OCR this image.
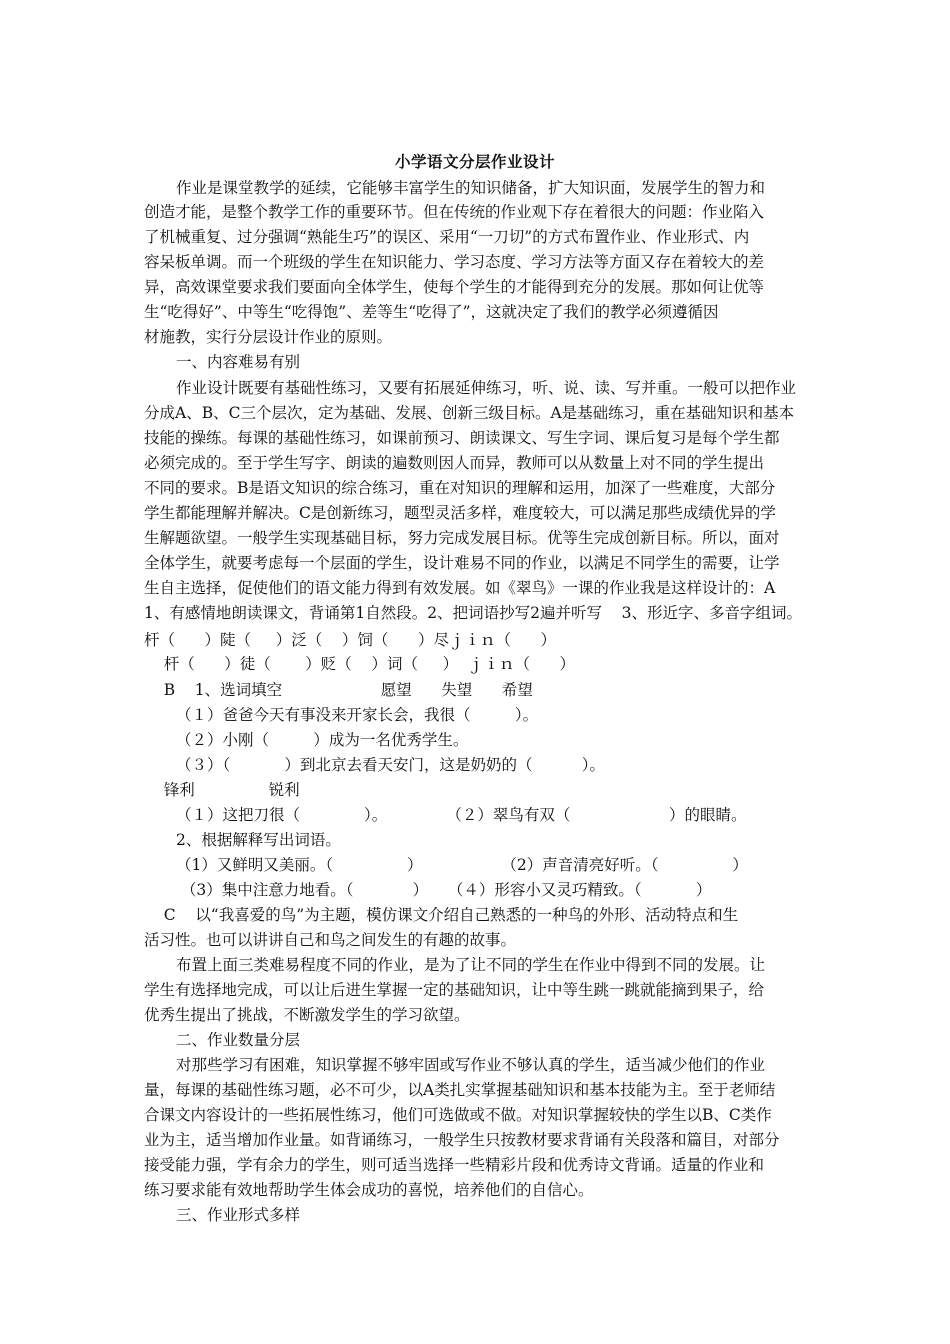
小学语文分层作业设计
作业是课堂教学的延续，它能够丰富学生的知识储备，扩大知识面，发展学生的智力和
创造才能，是整个教学工作的重要环节。但在传统的作业观下存在着很大的问题：作业陷入
了机械重复、过分强调“熟能生巧”的误区、采用“一刀切”的方式布置作业、作业形式、内
容呆板单调。而一个班级的学生在知识能力、学习态度、学习方法等方面又存在着较大的差
异，高效课堂要求我们要面向全体学生，使每个学生的才能得到充分的发展。那如何让优等
生“吃得好”、中等生“吃得饱”、差等生“吃得了”，这就决定了我们的教学必须遵循因
材施教，实行分层设计作业的原则。
一、内容难易有别
作业设计既要有基础性练习，又要有拓展延伸练习，听、说、读、写并重。一般可以把作业
分成A、B、C三个层次，定为基础、发展、创新三级目标。A是基础练习，重在基础知识和基本
技能的操练。每课的基础性练习，如课前预习、朗读课文、写生字词、课后复习是每个学生都
必须完成的。至于学生写字、朗读的遍数则因人而异，教师可以从数量上对不同的学生提出
不同的要求。B是语文知识的综合练习，重在对知识的理解和运用，加深了一些难度，大部分
学生都能理解并解决。C是创新练习，题型灵活多样，难度较大，可以满足那些成绩优异的学
生解题欲望。一般学生实现基础目标，努力完成发展目标。优等生完成创新目标。所以，面对
全体学生，就要考虑每一个层面的学生，设计难易不同的作业，以满足不同学生的需要，让学
生自主选择，促使他们的语文能力得到有效发展。如《翠鸟》一课的作业我是这样设计的：A
1、有感情地朗读课文，背诵第1自然段。2、把词语抄写2遍并听写    3、形近字、多音字组词。
杆（      ）陡（     ）泛（    ）饲（      ）尽ｊｉｎ（      ）
杆（      ）徒（       ）贬（    ）词（     ）  ｊｉｎ（      ）
B    1、选词填空                    愿望      失望      希望
（１）爸爸今天有事没来开家长会，我很（         ）。
（２）小刚（         ）成为一名优秀学生。
（３）（           ）到北京去看天安门，这是奶奶的（          ）。
锋利               锐利
（１）这把刀很（             ）。            （２）翠鸟有双（                    ）的眼睛。
2、根据解释写出词语。
（1）又鲜明又美丽。（               ）                （2）声音清亮好听。（               ）
（3）集中注意力地看。（            ）    （４）形容小又灵巧精致。（           ）
C    以“我喜爱的鸟”为主题，模仿课文介绍自己熟悉的一种鸟的外形、活动特点和生
活习性。也可以讲讲自己和鸟之间发生的有趣的故事。
布置上面三类难易程度不同的作业，是为了让不同的学生在作业中得到不同的发展。让
学生有选择地完成，可以让后进生掌握一定的基础知识，让中等生跳一跳就能摘到果子，给
优秀生提出了挑战，不断激发学生的学习欲望。
二、作业数量分层
对那些学习有困难，知识掌握不够牢固或写作业不够认真的学生，适当减少他们的作业
量，每课的基础性练习题，必不可少，以A类扎实掌握基础知识和基本技能为主。至于老师结
合课文内容设计的一些拓展性练习，他们可选做或不做。对知识掌握较快的学生以B、C类作
业为主，适当增加作业量。如背诵练习，一般学生只按教材要求背诵有关段落和篇目，对部分
接受能力强，学有余力的学生，则可适当选择一些精彩片段和优秀诗文背诵。适量的作业和
练习要求能有效地帮助学生体会成功的喜悦，培养他们的自信心。
三、作业形式多样
